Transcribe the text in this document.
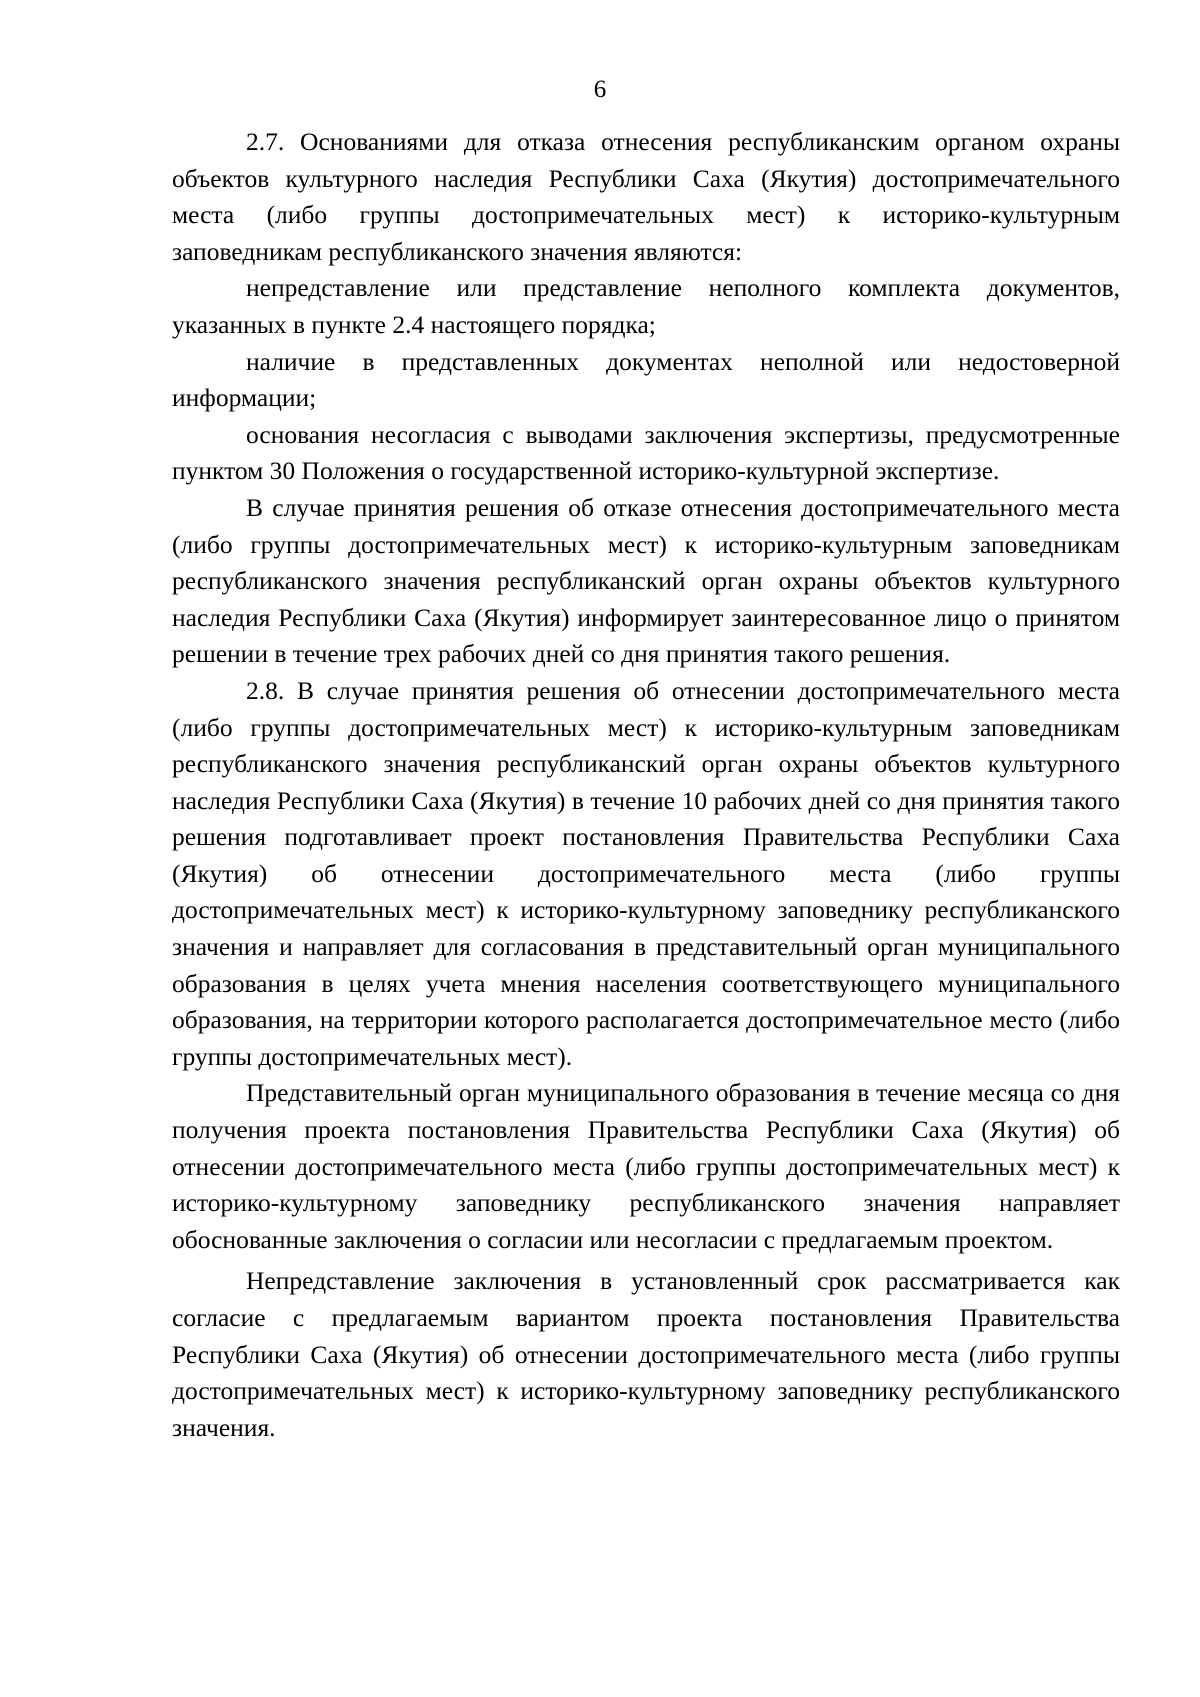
6

2.7. Основаниями для отказа отнесения республиканским органом охраны объектов культурного наследия Республики Саха (Якутия) достопримечательного места (либо группы достопримечательных мест) к историко-культурным заповедникам республиканского значения являются:

непредставление или представление неполного комплекта документов, указанных в пункте 2.4 настоящего порядка;

наличие в представленных документах неполной или недостоверной информации;

основания несогласия с выводами заключения экспертизы, предусмотренные пунктом 30 Положения о государственной историко-культурной экспертизе.

В случае принятия решения об отказе отнесения достопримечательного места (либо группы достопримечательных мест) к историко-культурным заповедникам республиканского значения республиканский орган охраны объектов культурного наследия Республики Саха (Якутия) информирует заинтересованное лицо о принятом решении в течение трех рабочих дней со дня принятия такого решения.

2.8. В случае принятия решения об отнесении достопримечательного места (либо группы достопримечательных мест) к историко-культурным заповедникам республиканского значения республиканский орган охраны объектов культурного наследия Республики Саха (Якутия) в течение 10 рабочих дней со дня принятия такого решения подготавливает проект постановления Правительства Республики Саха (Якутия) об отнесении достопримечательного места (либо группы достопримечательных мест) к историко-культурному заповеднику республиканского значения и направляет для согласования в представительный орган муниципального образования в целях учета мнения населения соответствующего муниципального образования, на территории которого располагается достопримечательное место (либо группы достопримечательных мест).

Представительный орган муниципального образования в течение месяца со дня получения проекта постановления Правительства Республики Саха (Якутия) об отнесении достопримечательного места (либо группы достопримечательных мест) к историко-культурному заповеднику республиканского значения направляет обоснованные заключения о согласии или несогласии с предлагаемым проектом.

Непредставление заключения в установленный срок рассматривается как согласие с предлагаемым вариантом проекта постановления Правительства Республики Саха (Якутия) об отнесении достопримечательного места (либо группы достопримечательных мест) к историко-культурному заповеднику республиканского значения.
